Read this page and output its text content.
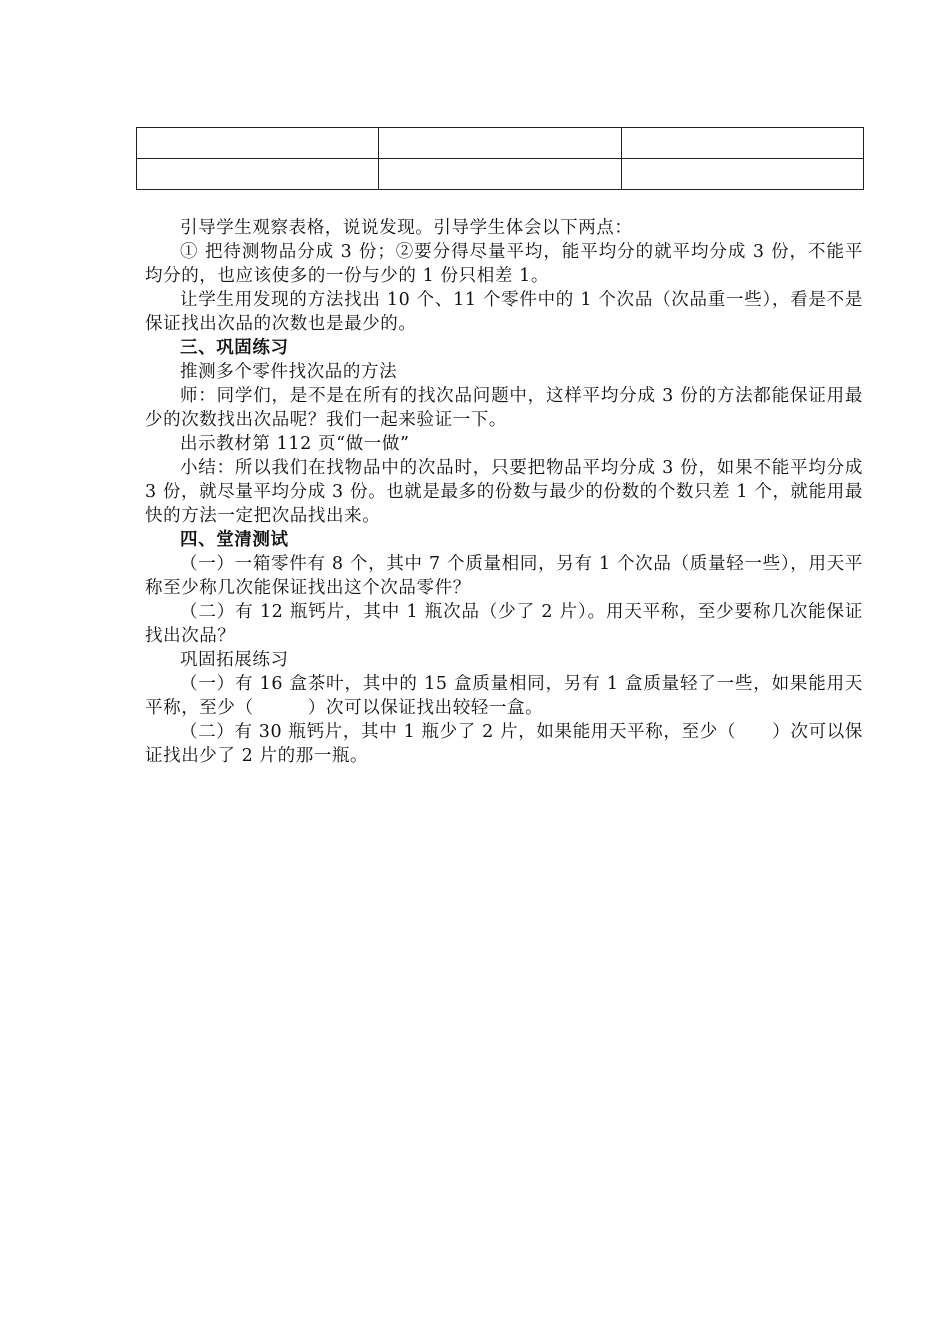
引导学生观察表格，说说发现。引导学生体会以下两点：

① 把待测物品分成 3 份；②要分得尽量平均，能平均分的就平均分成 3 份，不能平均分的，也应该使多的一份与少的 1 份只相差 1。

让学生用发现的方法找出 10 个、11 个零件中的 1 个次品（次品重一些），看是不是保证找出次品的次数也是最少的。

三、巩固练习

推测多个零件找次品的方法

师：同学们，是不是在所有的找次品问题中，这样平均分成 3 份的方法都能保证用最少的次数找出次品呢？我们一起来验证一下。

出示教材第 112 页“做一做”

小结：所以我们在找物品中的次品时，只要把物品平均分成 3 份，如果不能平均分成 3 份，就尽量平均分成 3 份。也就是最多的份数与最少的份数的个数只差 1 个，就能用最快的方法一定把次品找出来。

四、堂清测试

（一）一箱零件有 8 个，其中 7 个质量相同，另有 1 个次品（质量轻一些），用天平称至少称几次能保证找出这个次品零件？

（二）有 12 瓶钙片，其中 1 瓶次品（少了 2 片）。用天平称，至少要称几次能保证找出次品？

巩固拓展练习

（一）有 16 盒茶叶，其中的 15 盒质量相同，另有 1 盒质量轻了一些，如果能用天平称，至少（　　　）次可以保证找出较轻一盒。

（二）有 30 瓶钙片，其中 1 瓶少了 2 片，如果能用天平称，至少（　　）次可以保证找出少了 2 片的那一瓶。
